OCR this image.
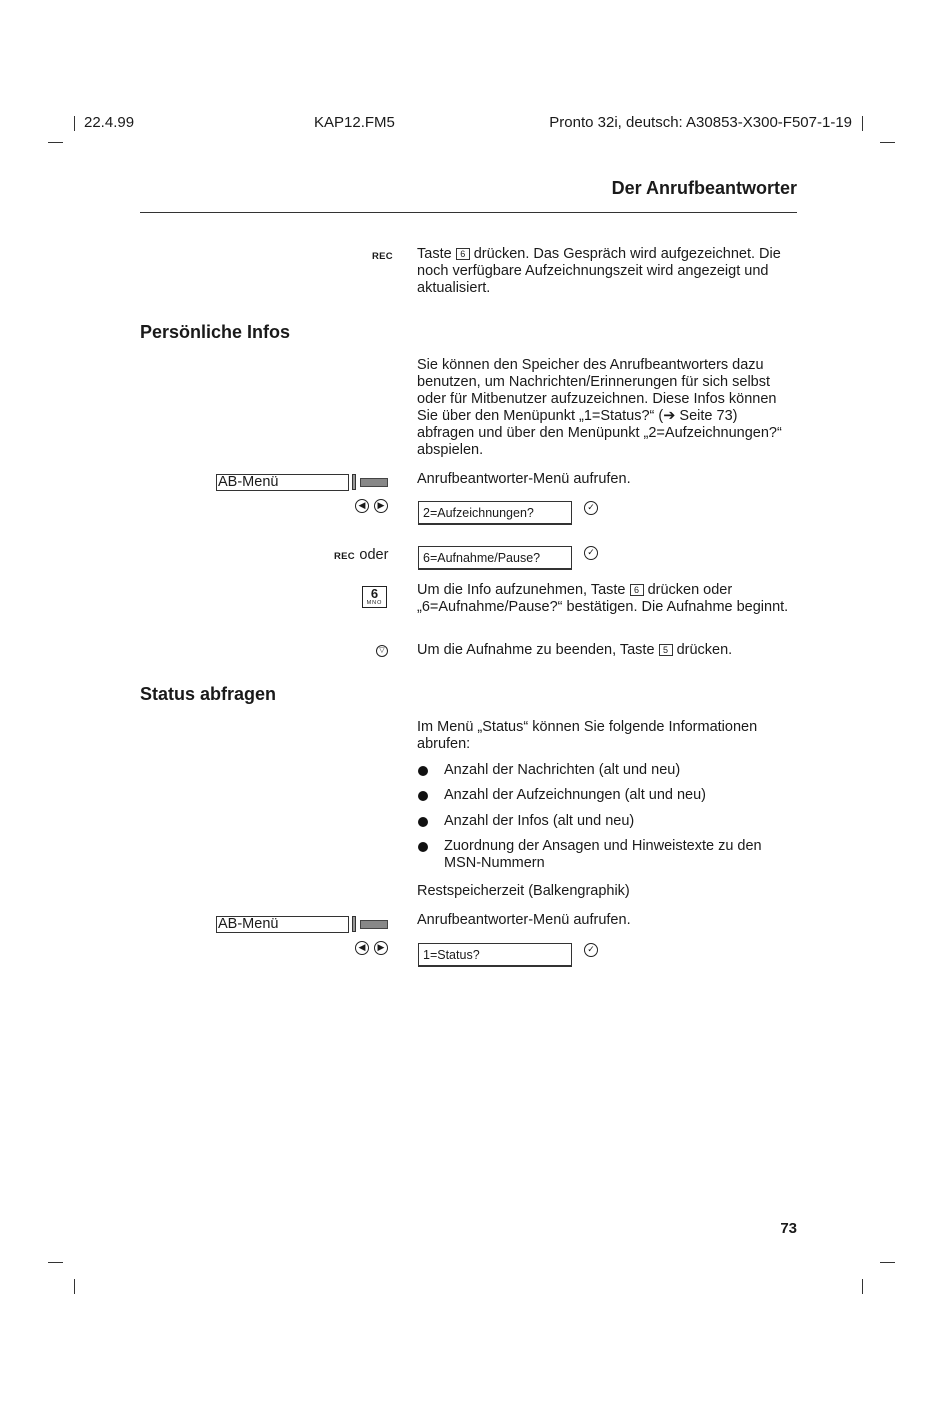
22.4.99	KAP12.FM5	Pronto 32i, deutsch: A30853-X300-F507-1-19
Der Anrufbeantworter
REC Taste 6 drücken. Das Gespräch wird aufgezeichnet. Die noch verfügbare Aufzeichnungszeit wird angezeigt und aktualisiert.
Persönliche Infos
Sie können den Speicher des Anrufbeantworters dazu benutzen, um Nachrichten/Erinnerungen für sich selbst oder für Mitbenutzer aufzuzeichnen. Diese Infos können Sie über den Menüpunkt „1=Status?“ (➔ Seite 73) abfragen und über den Menüpunkt „2=Aufzeichnungen?“ abspielen.
AB-Menü	Anrufbeantworter-Menü aufrufen.
◀	▶
2=Aufzeichnungen?	✓
REC oder	6=Aufnahme/Pause?	✓
6
MNO
Um die Info aufzunehmen, Taste 6 drücken oder „6=Aufnahme/Pause?“ bestätigen. Die Aufnahme beginnt.
▽ Um die Aufnahme zu beenden, Taste 5 drücken.
Status abfragen
Im Menü „Status“ können Sie folgende Informationen abrufen:
Anzahl der Nachrichten (alt und neu)
Anzahl der Aufzeichnungen (alt und neu)
Anzahl der Infos (alt und neu)
Zuordnung der Ansagen und Hinweistexte zu den MSN-Nummern
Restspeicherzeit (Balkengraphik)
AB-Menü	Anrufbeantworter-Menü aufrufen.
◀	▶
1=Status?	✓
73
